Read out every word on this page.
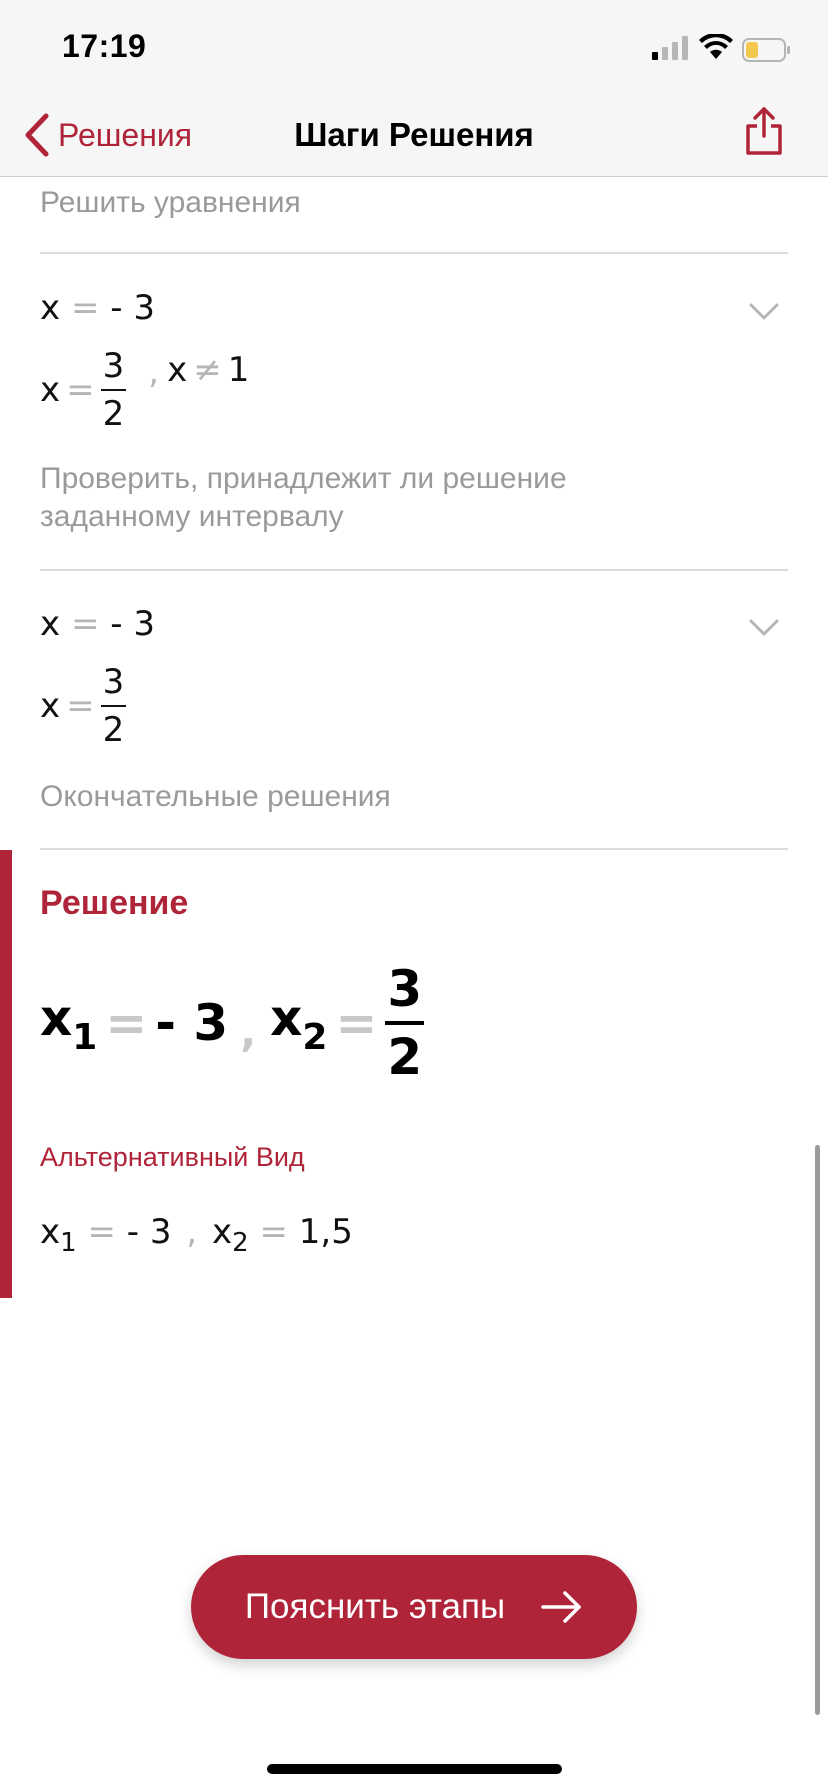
17:19
Решения	Шаги Решения
Решить уравнения
x = - 3
$x = \frac{3}{2}$ , x ≠ 1
Проверить, принадлежит ли решение
заданному интервалу
x = - 3
$x = \frac{3}{2}$
Окончательные решения
Решение
$x_1$ = - 3 , $x_2 = \frac{3}{2}$
Альтернативный Вид
$x_1$ = - 3 , $x_2 = 1,5$
Пояснить этапы
